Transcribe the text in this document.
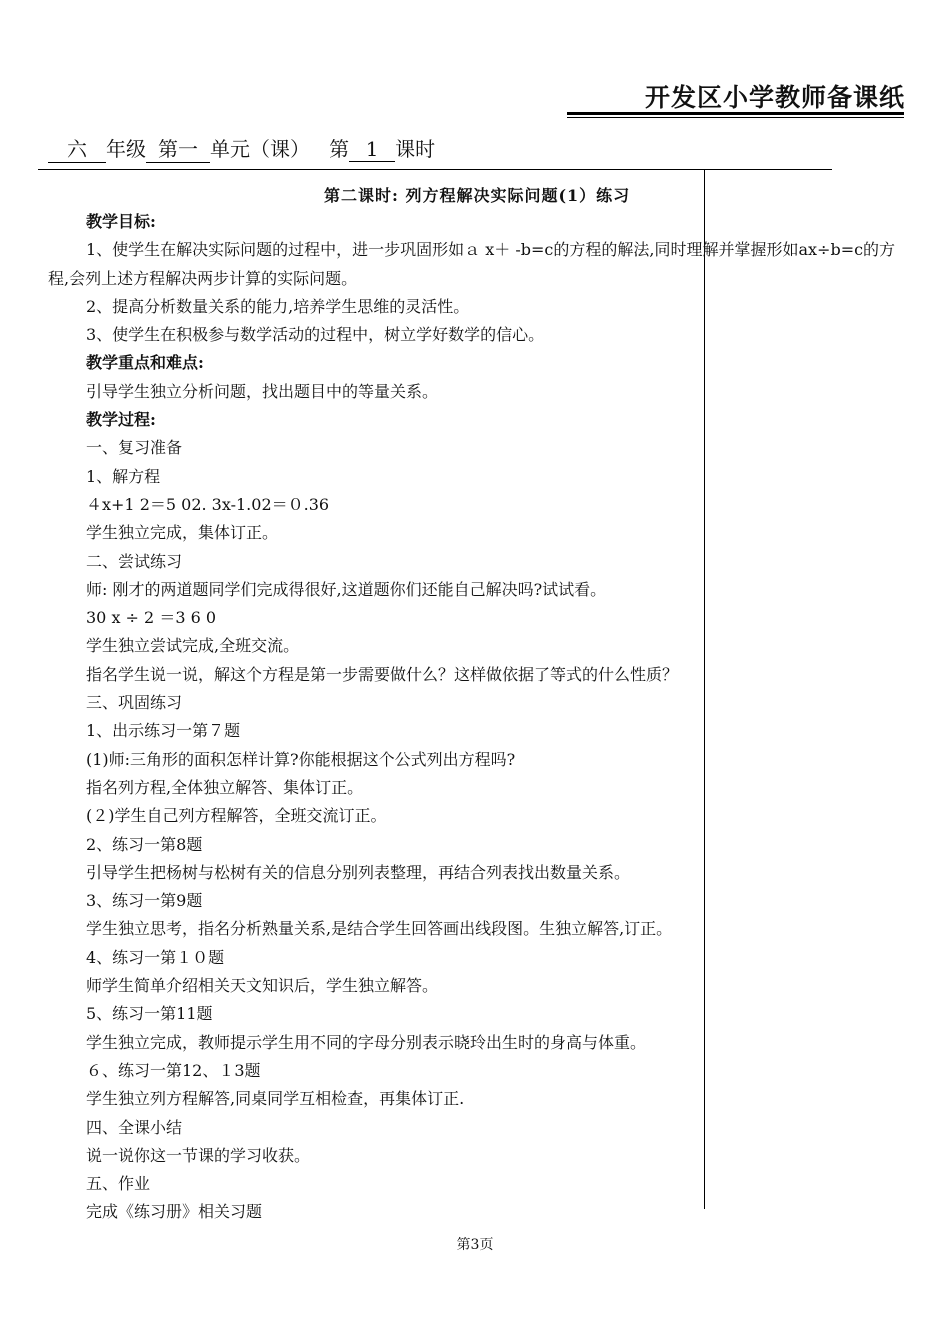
开发区小学教师备课纸
六 年级 第一 单元（课） 第 1 课时
第二课时: 列方程解决实际问题(1）练习
教学目标:
1、使学生在解决实际问题的过程中，进一步巩固形如ａ x＋ -b=c的方程的解法,同时理解并掌握形如ax÷b=c的方程,会列上述方程解决两步计算的实际问题。
2、提高分析数量关系的能力,培养学生思维的灵活性。
3、使学生在积极参与数学活动的过程中，树立学好数学的信心。
教学重点和难点:
引导学生独立分析问题，找出题目中的等量关系。
教学过程:
一、复习准备
1、解方程
４x+1 2＝5 02. 3x-1.02＝０.36
学生独立完成，集体订正。
二、尝试练习
师: 刚才的两道题同学们完成得很好,这道题你们还能自己解决吗?试试看。
30 x ÷ 2 ＝3 6 0
学生独立尝试完成,全班交流。
指名学生说一说，解这个方程是第一步需要做什么？这样做依据了等式的什么性质？
三、巩固练习
1、出示练习一第７题
(1)师:三角形的面积怎样计算?你能根据这个公式列出方程吗?
指名列方程,全体独立解答、集体订正。
(２)学生自己列方程解答，全班交流订正。
2、练习一第8题
引导学生把杨树与松树有关的信息分别列表整理，再结合列表找出数量关系。
3、练习一第9题
学生独立思考，指名分析熟量关系,是结合学生回答画出线段图。生独立解答,订正。
4、练习一第１０题
师学生简单介绍相关天文知识后，学生独立解答。
5、练习一第11题
学生独立完成，教师提示学生用不同的字母分别表示晓玲出生时的身高与体重。
６、练习一第12、１3题
学生独立列方程解答,同桌同学互相检查，再集体订正.
四、全课小结
说一说你这一节课的学习收获。
五、作业
完成《练习册》相关习题
第3页
